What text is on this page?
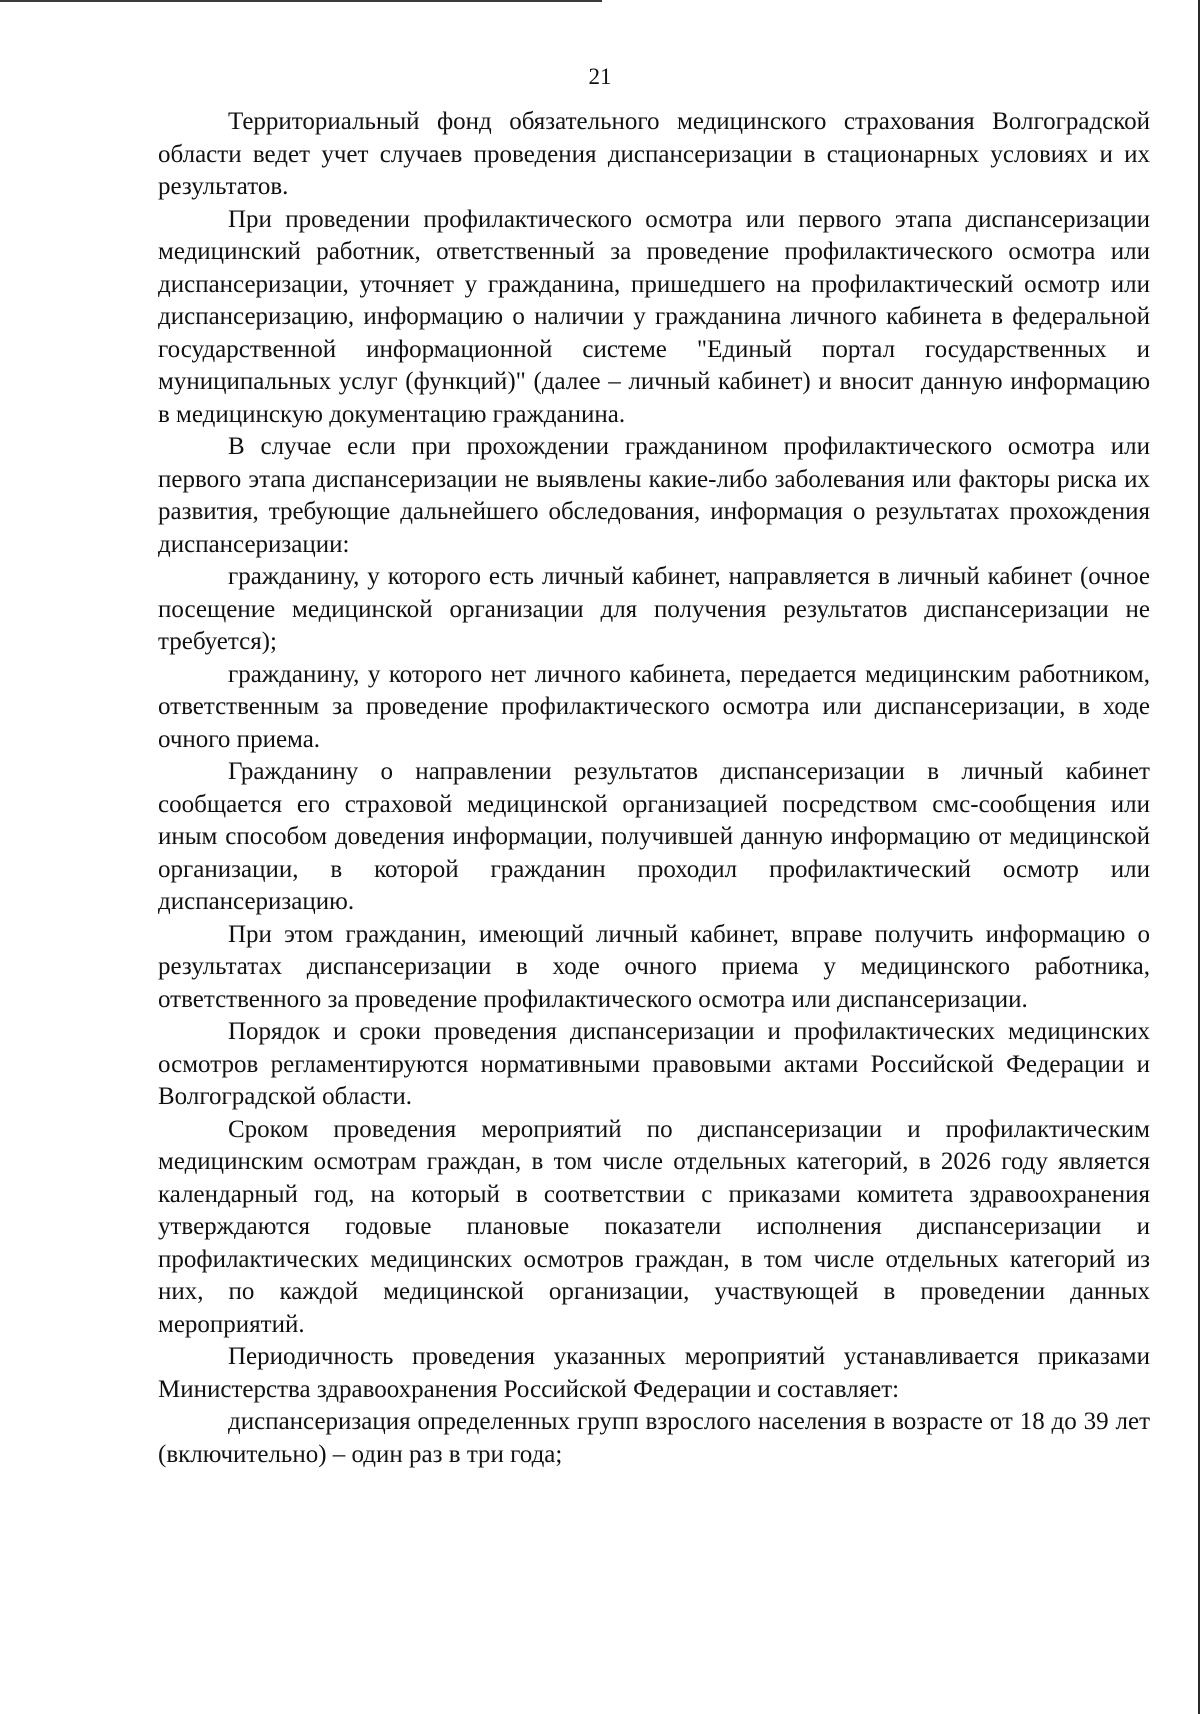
21

Территориальный фонд обязательного медицинского страхования Волгоградской области ведет учет случаев проведения диспансеризации в стационарных условиях и их результатов.

При проведении профилактического осмотра или первого этапа диспансеризации медицинский работник, ответственный за проведение профилактического осмотра или диспансеризации, уточняет у гражданина, пришедшего на профилактический осмотр или диспансеризацию, информацию о наличии у гражданина личного кабинета в федеральной государственной информационной системе "Единый портал государственных и муниципальных услуг (функций)" (далее – личный кабинет) и вносит данную информацию в медицинскую документацию гражданина.

В случае если при прохождении гражданином профилактического осмотра или первого этапа диспансеризации не выявлены какие-либо заболевания или факторы риска их развития, требующие дальнейшего обследования, информация о результатах прохождения диспансеризации:

гражданину, у которого есть личный кабинет, направляется в личный кабинет (очное посещение медицинской организации для получения результатов диспансеризации не требуется);

гражданину, у которого нет личного кабинета, передается медицинским работником, ответственным за проведение профилактического осмотра или диспансеризации, в ходе очного приема.

Гражданину о направлении результатов диспансеризации в личный кабинет сообщается его страховой медицинской организацией посредством смс-сообщения или иным способом доведения информации, получившей данную информацию от медицинской организации, в которой гражданин проходил профилактический осмотр или диспансеризацию.

При этом гражданин, имеющий личный кабинет, вправе получить информацию о результатах диспансеризации в ходе очного приема у медицинского работника, ответственного за проведение профилактического осмотра или диспансеризации.

Порядок и сроки проведения диспансеризации и профилактических медицинских осмотров регламентируются нормативными правовыми актами Российской Федерации и Волгоградской области.

Сроком проведения мероприятий по диспансеризации и профилактическим медицинским осмотрам граждан, в том числе отдельных категорий, в 2026 году является календарный год, на который в соответствии с приказами комитета здравоохранения утверждаются годовые плановые показатели исполнения диспансеризации и профилактических медицинских осмотров граждан, в том числе отдельных категорий из них, по каждой медицинской организации, участвующей в проведении данных мероприятий.

Периодичность проведения указанных мероприятий устанавливается приказами Министерства здравоохранения Российской Федерации и составляет:

диспансеризация определенных групп взрослого населения в возрасте от 18 до 39 лет (включительно) – один раз в три года;
